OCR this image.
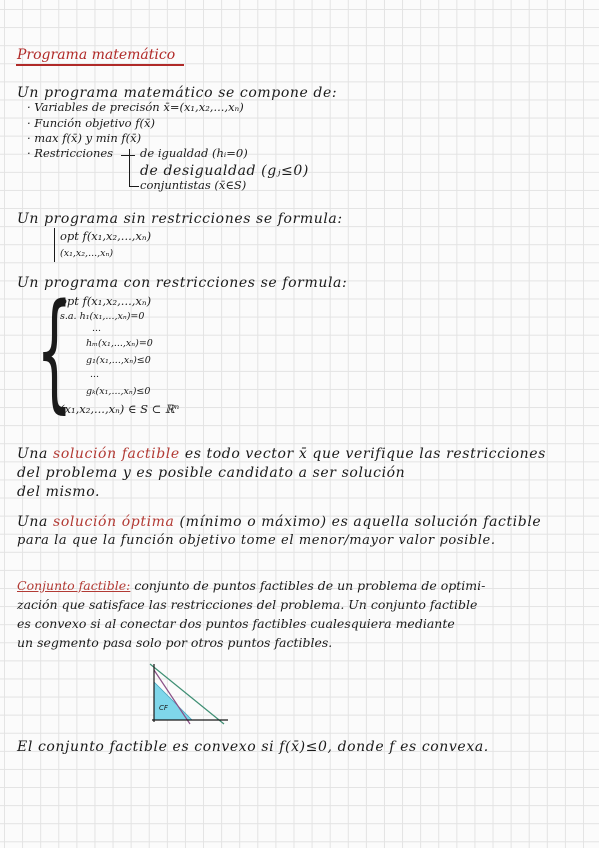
Programa matemático
Un programa matemático se compone de:
· Variables de precisón x̄=(x₁,x₂,...,xₙ)
· Función objetivo f(x̄)
· max f(x̄) y min f(x̄)
· Restricciones de igualdad (hᵢ=0)
de desigualdad (gⱼ≤0)
conjuntistas (x̄∈S)
Un programa sin restricciones se formula:
opt f(x₁,x₂,...,xₙ)
(x₁,x₂,...,xₙ)
Un programa con restricciones se formula:
{
opt f(x₁,x₂,...,xₙ)
s.a. h₁(x₁,...,xₙ)=0
...
hₘ(x₁,...,xₙ)=0
g₁(x₁,...,xₙ)≤0
...
gₖ(x₁,...,xₙ)≤0
(x₁,x₂,...,xₙ) ∈ S ⊂ ℝⁿ
Una solución factible es todo vector x̄ que verifique las restricciones
del problema y es posible candidato a ser solución
del mismo.
Una solución óptima (mínimo o máximo) es aquella solución factible
para la que la función objetivo tome el menor/mayor valor posible.
Conjunto factible: conjunto de puntos factibles de un problema de optimi-
zación que satisface las restricciones del problema. Un conjunto factible
es convexo si al conectar dos puntos factibles cualesquiera mediante
un segmento pasa solo por otros puntos factibles.
CF
El conjunto factible es convexo si f(x̄)≤0, donde f es convexa.
